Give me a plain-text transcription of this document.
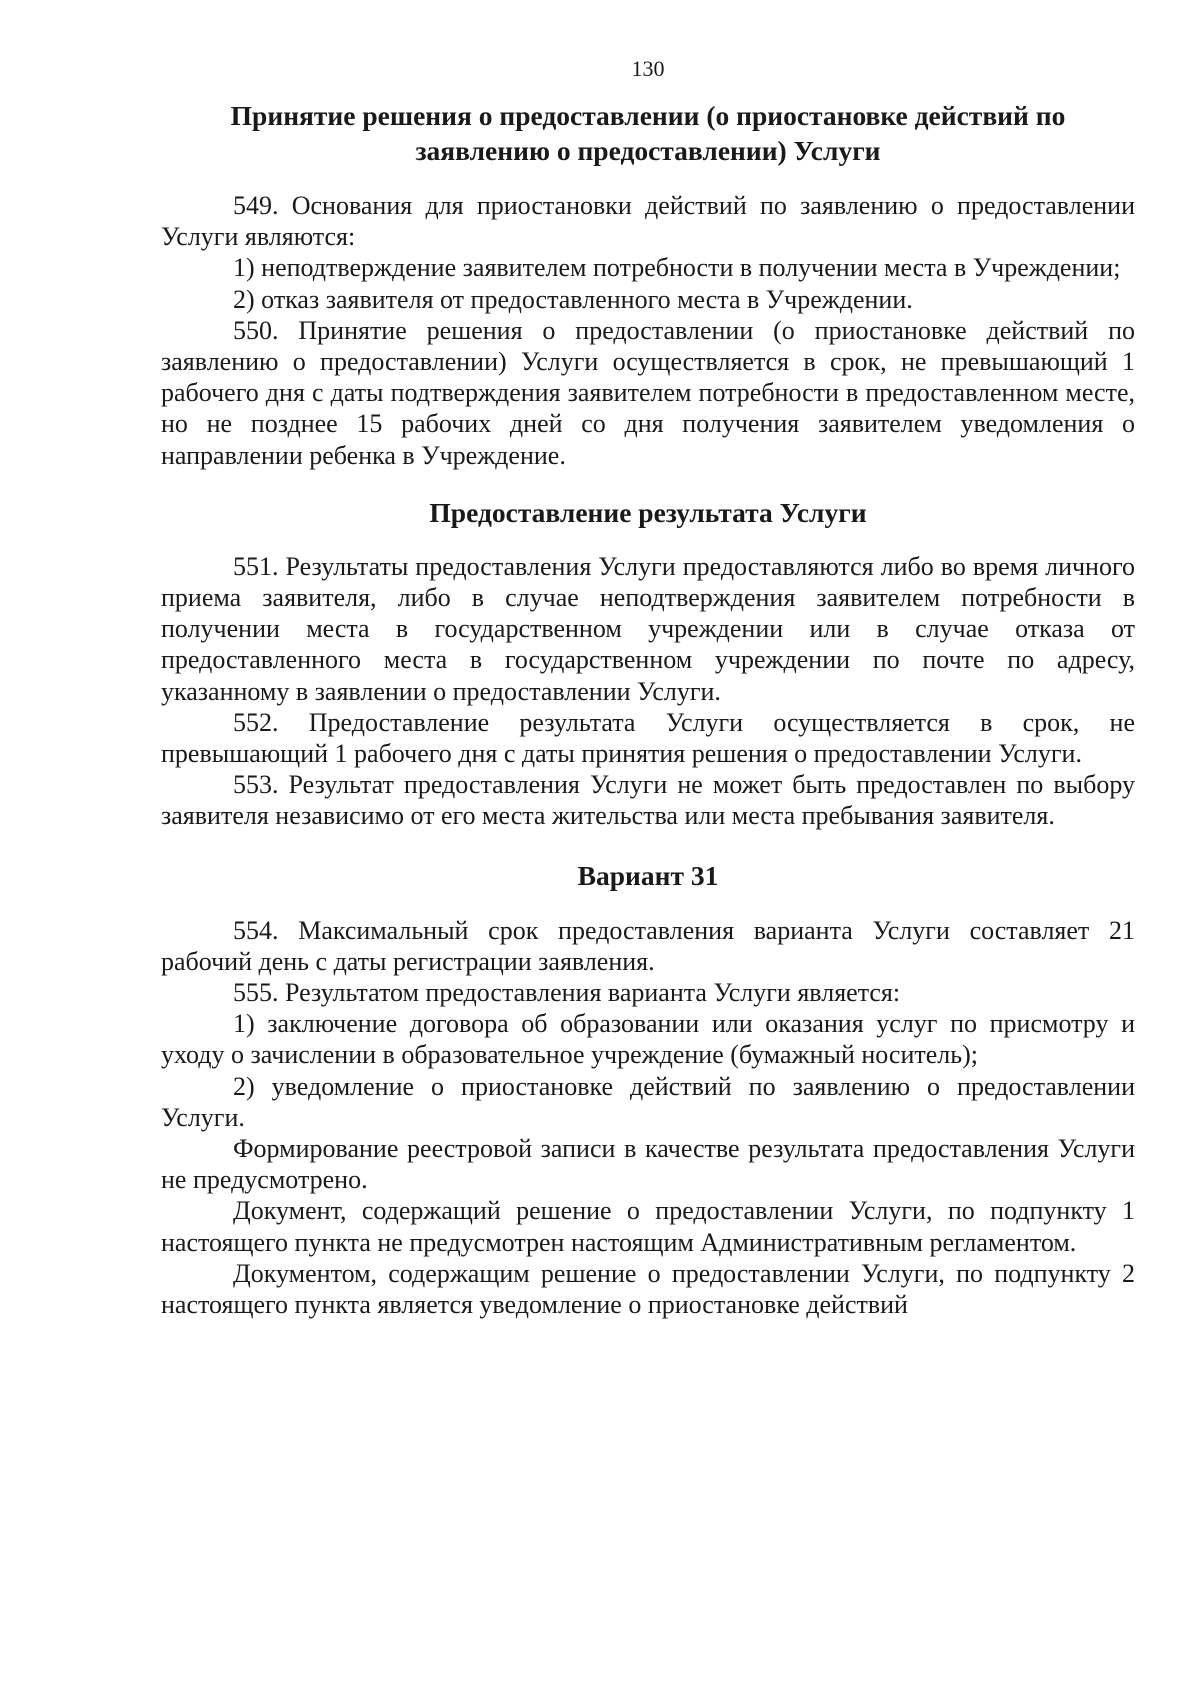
130
Принятие решения о предоставлении (о приостановке действий по
заявлению о предоставлении) Услуги

549. Основания для приостановки действий по заявлению о предоставлении Услуги являются:

1) неподтверждение заявителем потребности в получении места в Учреждении;

2) отказ заявителя от предоставленного места в Учреждении.

550. Принятие решения о предоставлении (о приостановке действий по заявлению о предоставлении) Услуги осуществляется в срок, не превышающий 1 рабочего дня с даты подтверждения заявителем потребности в предоставленном месте, но не позднее 15 рабочих дней со дня получения заявителем уведомления о направлении ребенка в Учреждение.

Предоставление результата Услуги

551. Результаты предоставления Услуги предоставляются либо во время личного приема заявителя, либо в случае неподтверждения заявителем потребности в получении места в государственном учреждении или в случае отказа от предоставленного места в государственном учреждении по почте по адресу, указанному в заявлении о предоставлении Услуги.

552. Предоставление результата Услуги осуществляется в срок, не превышающий 1 рабочего дня с даты принятия решения о предоставлении Услуги.

553. Результат предоставления Услуги не может быть предоставлен по выбору заявителя независимо от его места жительства или места пребывания заявителя.

Вариант 31

554. Максимальный срок предоставления варианта Услуги составляет 21 рабочий день с даты регистрации заявления.

555. Результатом предоставления варианта Услуги является:

1) заключение договора об образовании или оказания услуг по присмотру и уходу о зачислении в образовательное учреждение (бумажный носитель);

2) уведомление о приостановке действий по заявлению о предоставлении Услуги.

Формирование реестровой записи в качестве результата предоставления Услуги не предусмотрено.

Документ, содержащий решение о предоставлении Услуги, по подпункту 1 настоящего пункта не предусмотрен настоящим Административным регламентом.

Документом, содержащим решение о предоставлении Услуги, по подпункту 2 настоящего пункта является уведомление о приостановке действий
